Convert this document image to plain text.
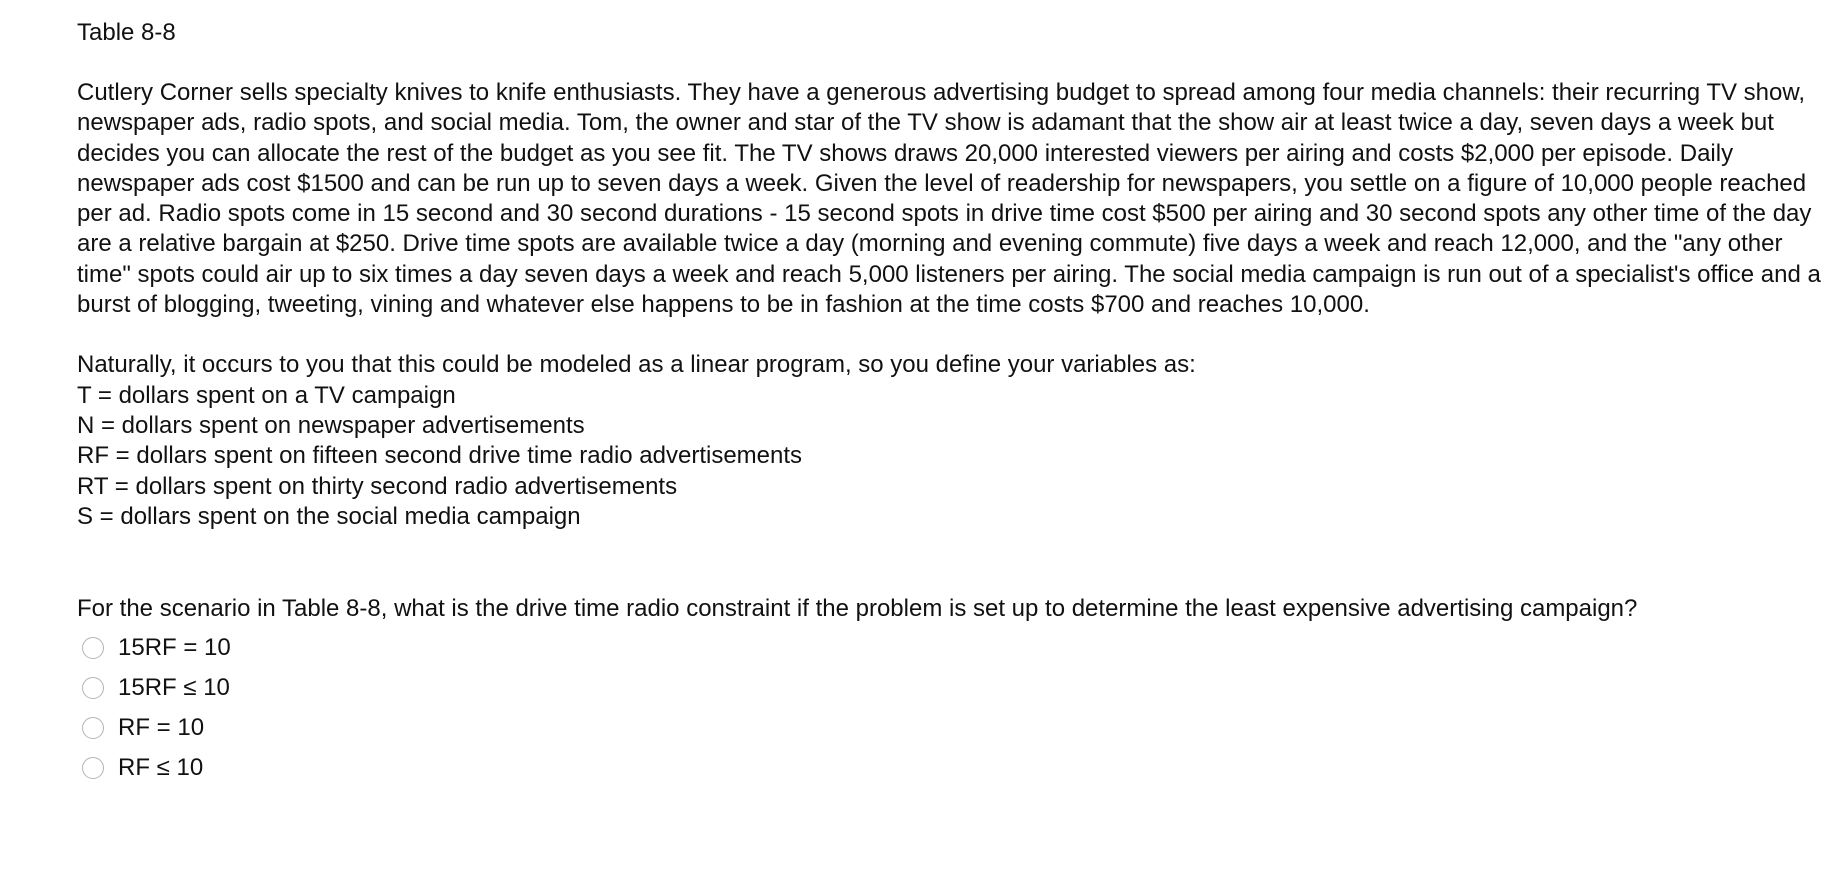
Table 8-8

Cutlery Corner sells specialty knives to knife enthusiasts. They have a generous advertising budget to spread among four media channels: their recurring TV show, newspaper ads, radio spots, and social media. Tom, the owner and star of the TV show is adamant that the show air at least twice a day, seven days a week but decides you can allocate the rest of the budget as you see fit. The TV shows draws 20,000 interested viewers per airing and costs $2,000 per episode. Daily newspaper ads cost $1500 and can be run up to seven days a week. Given the level of readership for newspapers, you settle on a figure of 10,000 people reached per ad. Radio spots come in 15 second and 30 second durations - 15 second spots in drive time cost $500 per airing and 30 second spots any other time of the day are a relative bargain at $250. Drive time spots are available twice a day (morning and evening commute) five days a week and reach 12,000, and the "any other time" spots could air up to six times a day seven days a week and reach 5,000 listeners per airing. The social media campaign is run out of a specialist's office and a burst of blogging, tweeting, vining and whatever else happens to be in fashion at the time costs $700 and reaches 10,000.

Naturally, it occurs to you that this could be modeled as a linear program, so you define your variables as:

T = dollars spent on a TV campaign
N = dollars spent on newspaper advertisements
RF = dollars spent on fifteen second drive time radio advertisements
RT = dollars spent on thirty second radio advertisements
S = dollars spent on the social media campaign
For the scenario in Table 8-8, what is the drive time radio constraint if the problem is set up to determine the least expensive advertising campaign?
15RF = 10
15RF ≤ 10
RF = 10
RF ≤ 10
